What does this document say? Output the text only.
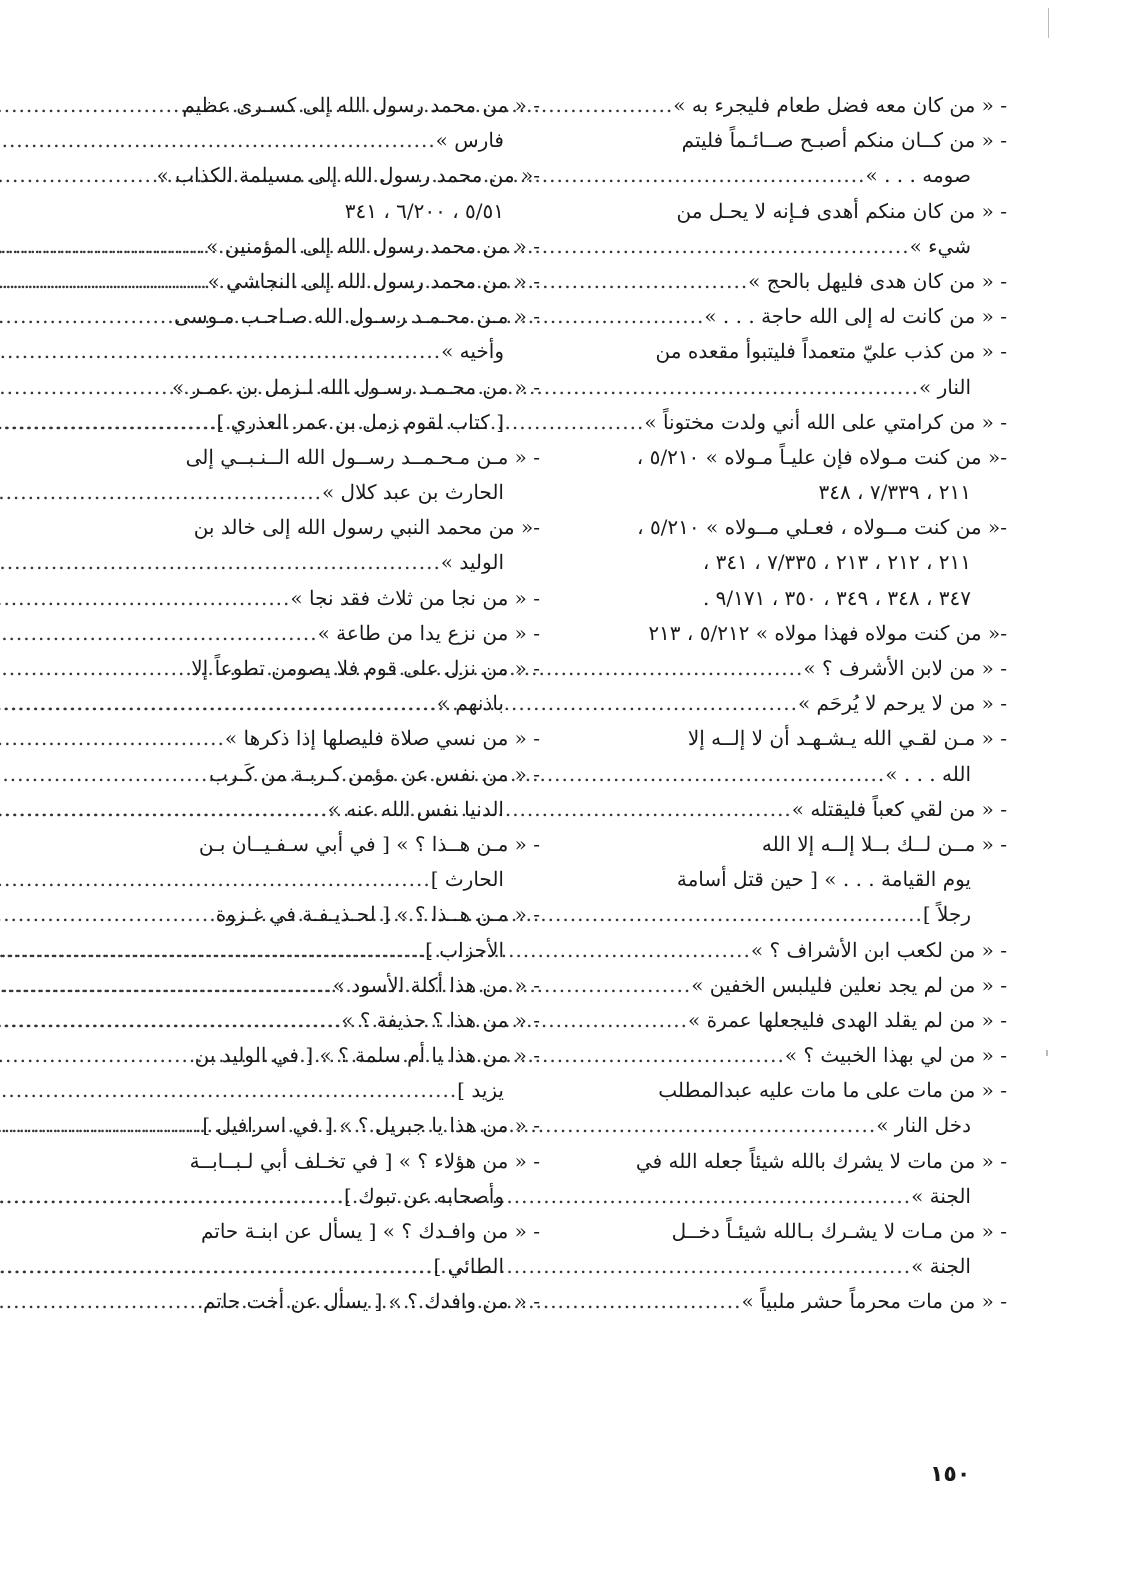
- « من كان معه فضل طعام فليجرء به »
.....
- « من كــان منكم أصبـح صــائـماً فليتم
صومه . . . »
.....
- « من كان منكم أهدى فـإنه لا يحـل من
شيء »
.....
- « من كان هدى فليهل بالحج »
.....
- « من كانت له إلى الله حاجة . . . »
.....
- « من كذب عليّ متعمداً فليتبوأ مقعده من
النار »
.....
- « من كرامتي على الله أني ولدت مختوناً »
.....
-« من كنت مـولاه فإن عليـاً مـولاه » ٥/٢١٠ ،
٢١١ ، ٧/٣٣٩ ، ٣٤٨
-« من كنت مــولاه ، فعـلي مــولاه » ٥/٢١٠ ،
٢١١ ، ٢١٢ ، ٢١٣ ، ٧/٣٣٥ ، ٣٤١ ،
٣٤٧ ، ٣٤٨ ، ٣٤٩ ، ٣٥٠ ، ٩/١٧١ .
-« من كنت مولاه فهذا مولاه » ٥/٢١٢ ، ٢١٣
- « من لابن الأشرف ؟ »
.....
- « من لا يرحم لا يُرحَم »
.....
- « مـن لقـي الله يـشـهـد أن لا إلــه إلا
الله . . . »
.....
- « من لقي كعباً فليقتله »
.....
- « مــن لــك بــلا إلــه إلا الله
يوم القيامة . . . » [ حين قتل أسامة
رجلاً ]
.....
- « من لكعب ابن الأشراف ؟ »
.....
- « من لم يجد نعلين فليلبس الخفين »
.....
- « من لم يقلد الهدى فليجعلها عمرة »
.....
- « من لي بهذا الخبيث ؟ »
.....
- « من مات على ما مات عليه عبدالمطلب
دخل النار »
.....
- « من مات لا يشرك بالله شيئاً جعله الله في
الجنة »
.....
- « من مـات لا يشـرك بـالله شيئـاً دخــل
الجنة »
.....
- « من مات محرماً حشر ملبياً »
.....
- « من محمد رسول الله إلى كسـرى عظيم
فارس »
.....
-« من محمد رسول الله إلى مسيلمة الكذاب »
٥/٥١ ، ٦/٢٠٠ ، ٣٤١
- « من محمد رسول الله إلى المؤمنين »
.....
- « من محمد رسول الله إلى النجاشي »
.....
- « مـن محـمـد رسـول الله صـاحـب مـوسى
وأخيه »
.....
- « من محـمـد رسـول الله لـزمل بن عمـر »
[ كتاب لقوم زمل بن عمر العذري ]
.....
- « مـن مـحـمــد رســول الله الــنـبــي إلى
الحارث بن عبد كلال »
.....
-« من محمد النبي رسول الله إلى خالد بن
الوليد »
.....
- « من نجا من ثلاث فقد نجا »
.....
- « من نزع يدا من طاعة »
.....
- « من نزل على قوم فلا يصومن تطوعاً إلا
باذنهم »
.....
- « من نسي صلاة فليصلها إذا ذكرها »
.....
- « من نفس عن مؤمن كـربـة من كَـرب
الدنيا نفس الله عنه »
.....
- « مـن هــذا ؟ » [ في أبي سـفـيــان بـن
الحارث ]
.....
- « مـن هــذا ؟ » [ لحـذيـفـة في غـزوة
الأحزاب ]
.....
- « من هذا أكلة الأسود »
.....
- « من هذا ؟ حذيفة ؟ »
.....
- « من هذا يا أم سلمة ؟ » [ في الوليد بن
يزيد ]
.....
- « من هذا يا جبريل ؟ » [ في اسرافيل ]
.....
- « من هؤلاء ؟ » [ في تخـلف أبي لـبــابــة
وأصحابه عن تبوك ]
.....
- « من وافـدك ؟ » [ يسأل عن ابنـة حاتم
الطائي ]
.....
- « من وافدك ؟ » [ يسأل عن أخت حاتم
١٥٠
